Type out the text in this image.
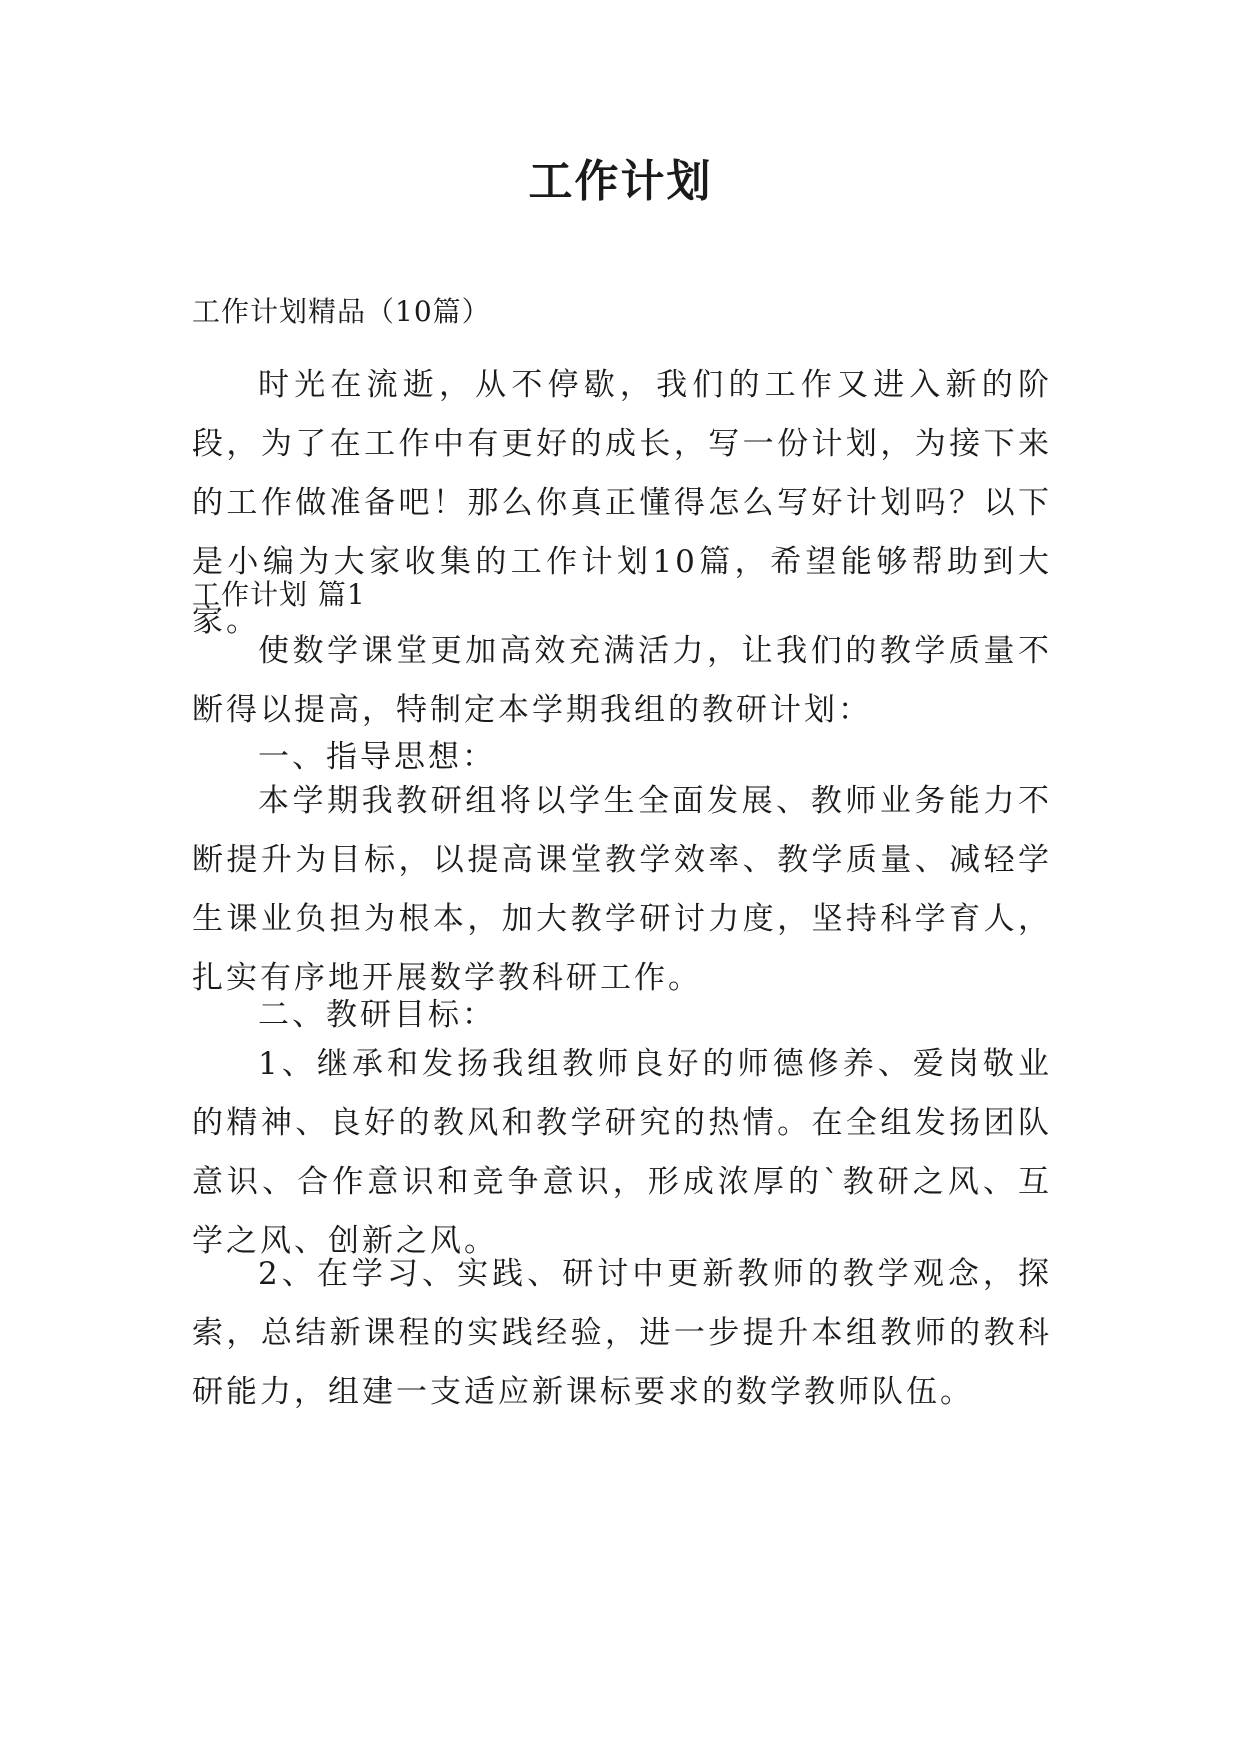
工作计划
工作计划精品（10篇）

时光在流逝，从不停歇，我们的工作又进入新的阶段，为了在工作中有更好的成长，写一份计划，为接下来的工作做准备吧！那么你真正懂得怎么写好计划吗？以下是小编为大家收集的工作计划10篇，希望能够帮助到大家。

工作计划 篇1

使数学课堂更加高效充满活力，让我们的教学质量不断得以提高，特制定本学期我组的教研计划：

一、指导思想：

本学期我教研组将以学生全面发展、教师业务能力不断提升为目标，以提高课堂教学效率、教学质量、减轻学生课业负担为根本，加大教学研讨力度，坚持科学育人，扎实有序地开展数学教科研工作。

二、教研目标：

1、继承和发扬我组教师良好的师德修养、爱岗敬业的精神、良好的教风和教学研究的热情。在全组发扬团队意识、合作意识和竞争意识，形成浓厚的`教研之风、互学之风、创新之风。

2、在学习、实践、研讨中更新教师的教学观念，探索，总结新课程的实践经验，进一步提升本组教师的教科研能力，组建一支适应新课标要求的数学教师队伍。
